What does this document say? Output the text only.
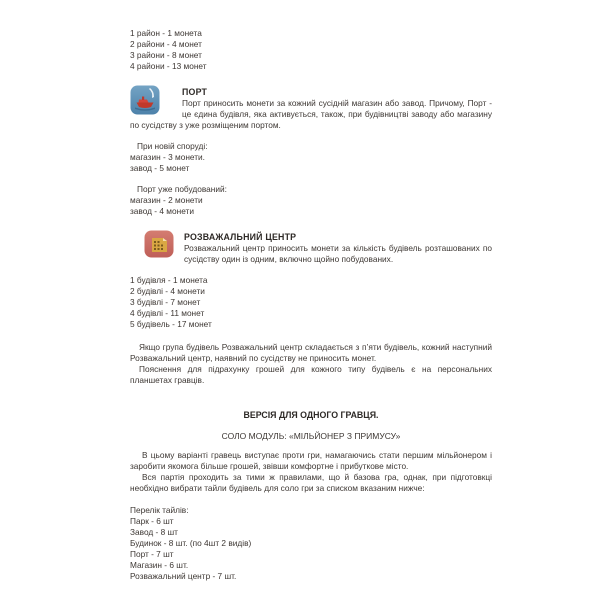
1 район - 1 монета
2 райони - 4 монет
3 райони - 8 монет
4 райони - 13 монет
ПОРТ
Порт приносить монети за кожний сусідній магазин або завод. Причому, Порт - це єдина будівля, яка активується, також, при будівництві заводу або магазину по сусідству з уже розміщеним портом.
При новій споруді:
магазин - 3 монети.
завод - 5 монет
Порт уже побудований:
магазин - 2 монети
завод - 4 монети
РОЗВАЖАЛЬНИЙ ЦЕНТР
Розважальний центр приносить монети за кількість будівель розташованих по сусідству один із одним, включно щойно побудованих.
1 будівля - 1 монета
2 будівлі - 4 монети
3 будівлі - 7 монет
4 будівлі - 11 монет
5 будівель - 17 монет

Якщо група будівель Розважальний центр складається з п’яти будівель, кожний наступний Розважальний центр, наявний по сусідству не приносить монет.

Пояснення для підрахунку грошей для кожного типу будівель є на персональних планшетах гравців.

ВЕРСІЯ ДЛЯ ОДНОГО ГРАВЦЯ.
СОЛО МОДУЛЬ: «МІЛЬЙОНЕР З ПРИМУСУ»

В цьому варіанті гравець виступає проти гри, намагаючись стати першим мільйонером і заробити якомога більше грошей, звівши комфортне і прибуткове місто.

Вся партія проходить за тими ж правилами, що й базова гра, однак, при підготовкці необхідно вибрати тайли будівель для соло гри за списком вказаним нижче:

Перелік тайлів:
Парк - 6 шт
Завод - 8 шт
Будинок - 8 шт. (по 4шт 2 видів)
Порт - 7 шт
Магазин - 6 шт.
Розважальний центр - 7 шт.
